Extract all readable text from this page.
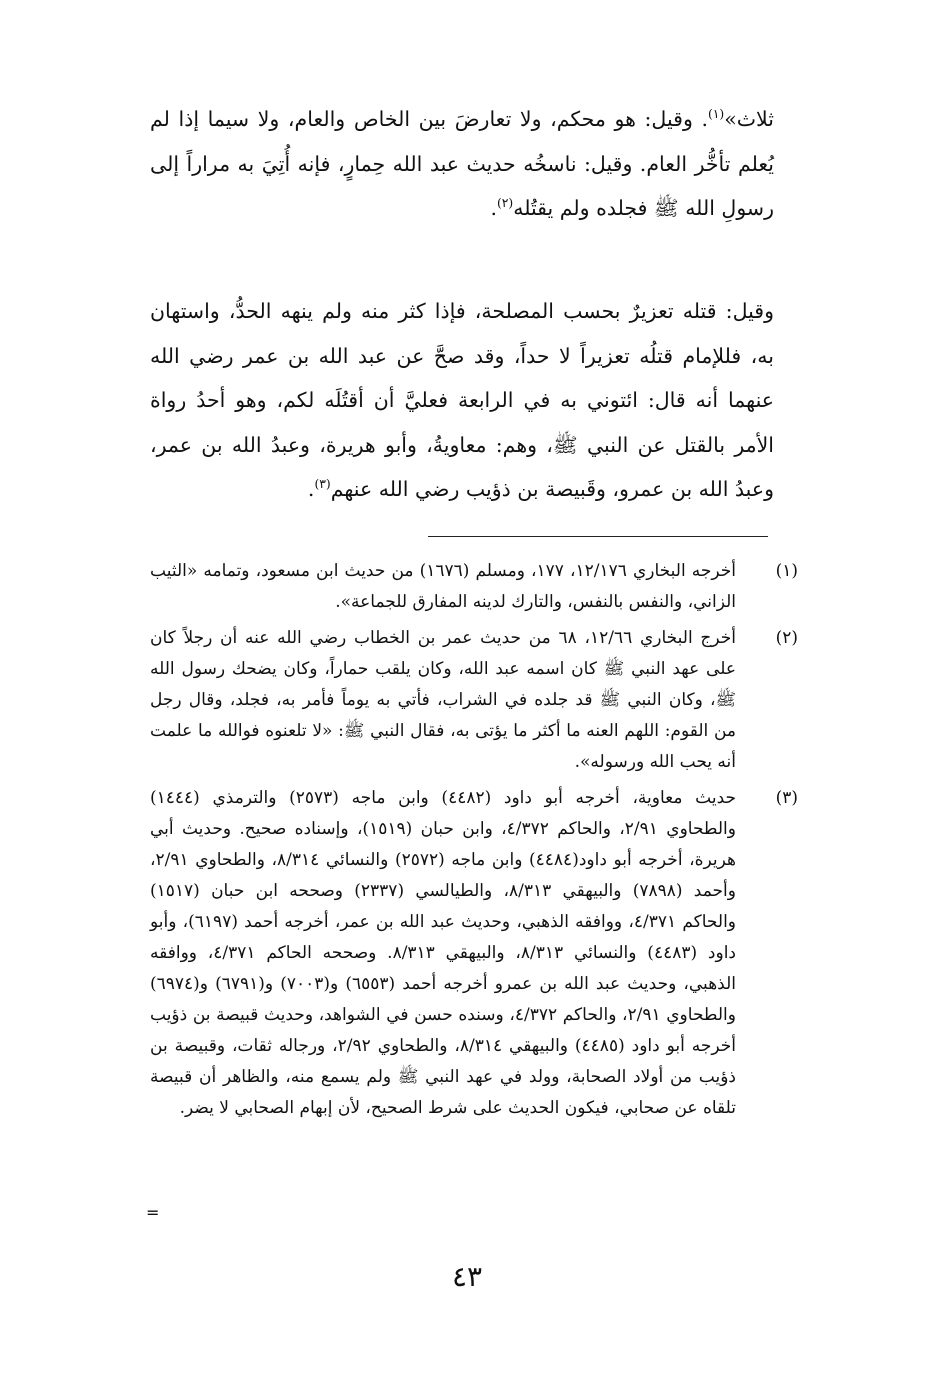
ثلاث»$^{(١)}$. وقيل: هو محكم، ولا تعارضَ بين الخاص والعام، ولا سيما إذا لم يُعلم تأخُّر العام. وقيل: ناسخُه حديث عبد الله حِمارٍ، فإنه أُتِيَ به مراراً إلى رسولِ الله ﷺ فجلده ولم يقتُله$^{(٢)}$.

وقيل: قتله تعزيرٌ بحسب المصلحة، فإذا كثر منه ولم ينهه الحدُّ، واستهان به، فللإمام قتلُه تعزيراً لا حداً، وقد صحَّ عن عبد الله بن عمر رضي الله عنهما أنه قال: ائتوني به في الرابعة فعليَّ أن أقتُلَه لكم، وهو أحدُ رواة الأمر بالقتل عن النبي ﷺ، وهم: معاويةُ، وأبو هريرة، وعبدُ الله بن عمر، وعبدُ الله بن عمرو، وقَبيصة بن ذؤيب رضي الله عنهم$^{(٣)}$.

(١)
أخرجه البخاري ١٢/١٧٦، ١٧٧، ومسلم (١٦٧٦) من حديث ابن مسعود، وتمامه «الثيب الزاني، والنفس بالنفس، والتارك لدينه المفارق للجماعة».
(٢)
أخرج البخاري ١٢/٦٦، ٦٨ من حديث عمر بن الخطاب رضي الله عنه أن رجلاً كان على عهد النبي ﷺ كان اسمه عبد الله، وكان يلقب حماراً، وكان يضحك رسول الله ﷺ، وكان النبي ﷺ قد جلده في الشراب، فأتي به يوماً فأمر به، فجلد، وقال رجل من القوم: اللهم العنه ما أكثر ما يؤتى به، فقال النبي ﷺ: «لا تلعنوه فوالله ما علمت أنه يحب الله ورسوله».
(٣)
حديث معاوية، أخرجه أبو داود (٤٤٨٢) وابن ماجه (٢٥٧٣) والترمذي (١٤٤٤) والطحاوي ٢/٩١، والحاكم ٤/٣٧٢، وابن حبان (١٥١٩)، وإسناده صحيح. وحديث أبي هريرة، أخرجه أبو داود(٤٤٨٤) وابن ماجه (٢٥٧٢) والنسائي ٨/٣١٤، والطحاوي ٢/٩١، وأحمد (٧٨٩٨) والبيهقي ٨/٣١٣، والطيالسي (٢٣٣٧) وصححه ابن حبان (١٥١٧) والحاكم ٤/٣٧١، ووافقه الذهبي، وحديث عبد الله بن عمر، أخرجه أحمد (٦١٩٧)، وأبو داود (٤٤٨٣) والنسائي ٨/٣١٣، والبيهقي ٨/٣١٣. وصححه الحاكم ٤/٣٧١، ووافقه الذهبي، وحديث عبد الله بن عمرو أخرجه أحمد (٦٥٥٣) و(٧٠٠٣) و(٦٧٩١) و(٦٩٧٤) والطحاوي ٢/٩١، والحاكم ٤/٣٧٢، وسنده حسن في الشواهد، وحديث قبيصة بن ذؤيب أخرجه أبو داود (٤٤٨٥) والبيهقي ٨/٣١٤، والطحاوي ٢/٩٢، ورجاله ثقات، وقبيصة بن ذؤيب من أولاد الصحابة، وولد في عهد النبي ﷺ ولم يسمع منه، والظاهر أن قبيصة تلقاه عن صحابي، فيكون الحديث على شرط الصحيح، لأن إبهام الصحابي لا يضر.
=
٤٣
